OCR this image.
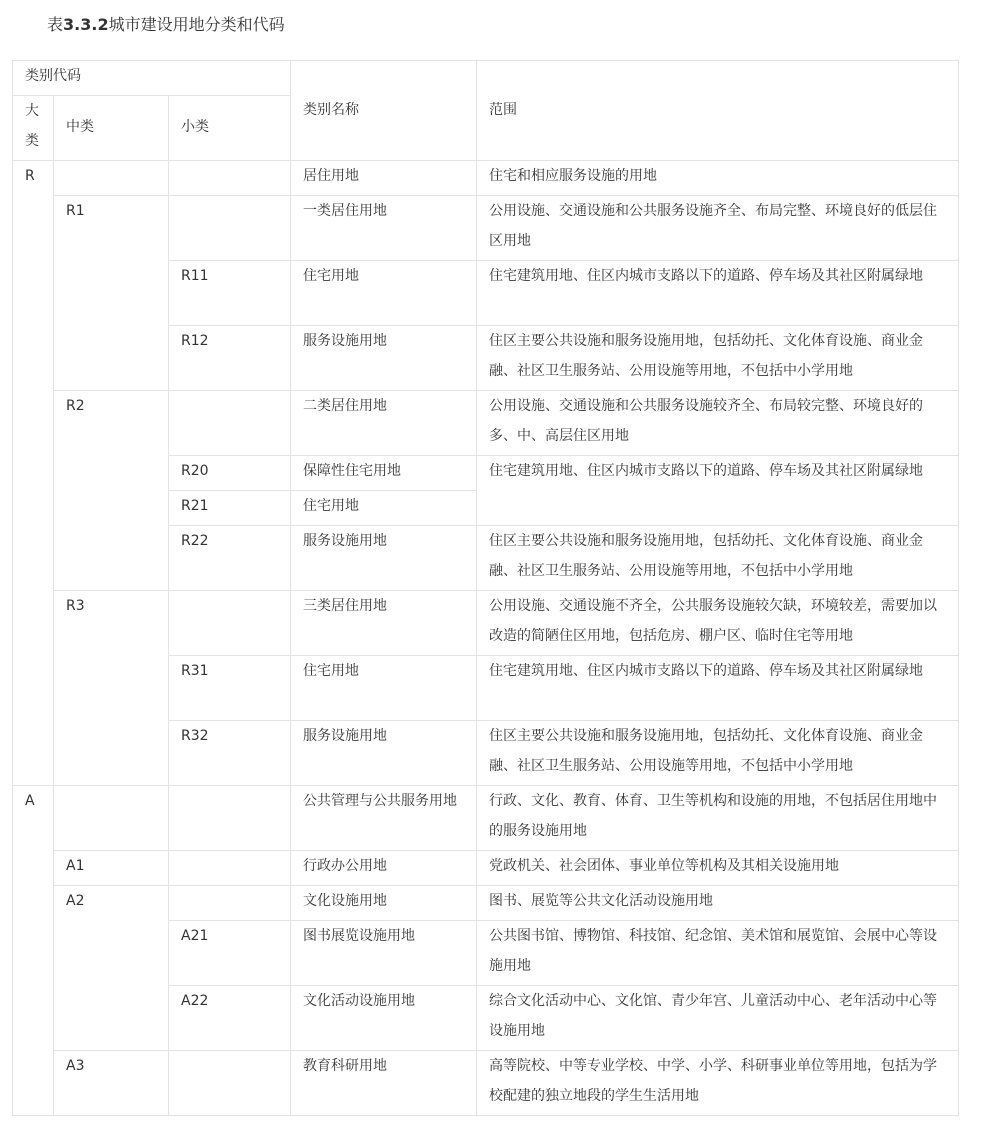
表3.3.2城市建设用地分类和代码
类别代码			类别名称	范围

大类	中类	小类		
R			居住用地	住宅和相应服务设施的用地
	R1		一类居住用地	公用设施、交通设施和公共服务设施齐全、布局完整、环境良好的低层住区用地
		R11	住宅用地	住宅建筑用地、住区内城市支路以下的道路、停车场及其社区附属绿地
		R12	服务设施用地	住区主要公共设施和服务设施用地，包括幼托、文化体育设施、商业金融、社区卫生服务站、公用设施等用地，不包括中小学用地
	R2		二类居住用地	公用设施、交通设施和公共服务设施较齐全、布局较完整、环境良好的多、中、高层住区用地
		R20	保障性住宅用地	住宅建筑用地、住区内城市支路以下的道路、停车场及其社区附属绿地
		R21	住宅用地	
		R22	服务设施用地	住区主要公共设施和服务设施用地，包括幼托、文化体育设施、商业金融、社区卫生服务站、公用设施等用地，不包括中小学用地
	R3		三类居住用地	公用设施、交通设施不齐全，公共服务设施较欠缺，环境较差，需要加以改造的简陋住区用地，包括危房、棚户区、临时住宅等用地
		R31	住宅用地	住宅建筑用地、住区内城市支路以下的道路、停车场及其社区附属绿地
		R32	服务设施用地	住区主要公共设施和服务设施用地，包括幼托、文化体育设施、商业金融、社区卫生服务站、公用设施等用地，不包括中小学用地
A			公共管理与公共服务用地	行政、文化、教育、体育、卫生等机构和设施的用地，不包括居住用地中的服务设施用地
	A1		行政办公用地	党政机关、社会团体、事业单位等机构及其相关设施用地
	A2		文化设施用地	图书、展览等公共文化活动设施用地
		A21	图书展览设施用地	公共图书馆、博物馆、科技馆、纪念馆、美术馆和展览馆、会展中心等设施用地
		A22	文化活动设施用地	综合文化活动中心、文化馆、青少年宫、儿童活动中心、老年活动中心等设施用地
	A3		教育科研用地	高等院校、中等专业学校、中学、小学、科研事业单位等用地，包括为学校配建的独立地段的学生生活用地
